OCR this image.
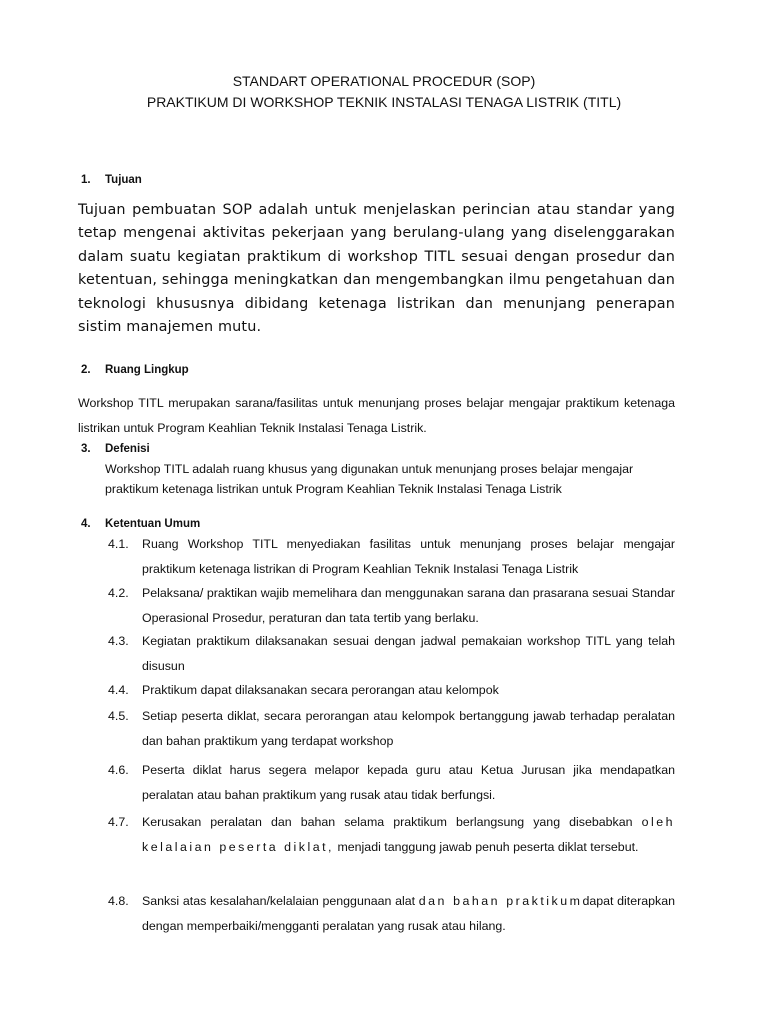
STANDART OPERATIONAL PROCEDUR (SOP)
PRAKTIKUM DI WORKSHOP TEKNIK INSTALASI TENAGA LISTRIK (TITL)
1. Tujuan
Tujuan pembuatan SOP adalah untuk menjelaskan perincian atau standar yang tetap mengenai aktivitas pekerjaan yang berulang-ulang yang diselenggarakan dalam suatu kegiatan praktikum di workshop TITL sesuai dengan prosedur dan ketentuan, sehingga meningkatkan dan mengembangkan ilmu pengetahuan dan teknologi khususnya dibidang ketenaga listrikan dan menunjang penerapan sistim manajemen mutu.
2. Ruang Lingkup
Workshop TITL merupakan sarana/fasilitas untuk menunjang proses belajar mengajar praktikum ketenaga listrikan untuk Program Keahlian Teknik Instalasi Tenaga Listrik.
3. Defenisi
Workshop TITL adalah ruang khusus yang digunakan untuk menunjang proses belajar mengajar praktikum ketenaga listrikan untuk Program Keahlian Teknik Instalasi Tenaga Listrik
4. Ketentuan Umum
4.1. Ruang Workshop TITL menyediakan fasilitas untuk menunjang proses belajar mengajar praktikum ketenaga listrikan di Program Keahlian Teknik Instalasi Tenaga Listrik
4.2. Pelaksana/ praktikan wajib memelihara dan menggunakan sarana dan prasarana sesuai Standar Operasional Prosedur, peraturan dan tata tertib yang berlaku.
4.3. Kegiatan praktikum dilaksanakan sesuai dengan jadwal pemakaian workshop TITL yang telah disusun
4.4. Praktikum dapat dilaksanakan secara perorangan atau kelompok
4.5. Setiap peserta diklat, secara perorangan atau kelompok bertanggung jawab terhadap peralatan dan bahan praktikum yang terdapat workshop
4.6. Peserta diklat harus segera melapor kepada guru atau Ketua Jurusan jika mendapatkan peralatan atau bahan praktikum yang rusak atau tidak berfungsi.
4.7. Kerusakan peralatan dan bahan selama praktikum berlangsung yang disebabkan oleh kelalaian peserta diklat, menjadi tanggung jawab penuh peserta diklat tersebut.
4.8. Sanksi atas kesalahan/kelalaian penggunaan alat dan bahan praktikumdapat diterapkan dengan memperbaiki/mengganti peralatan yang rusak atau hilang.
